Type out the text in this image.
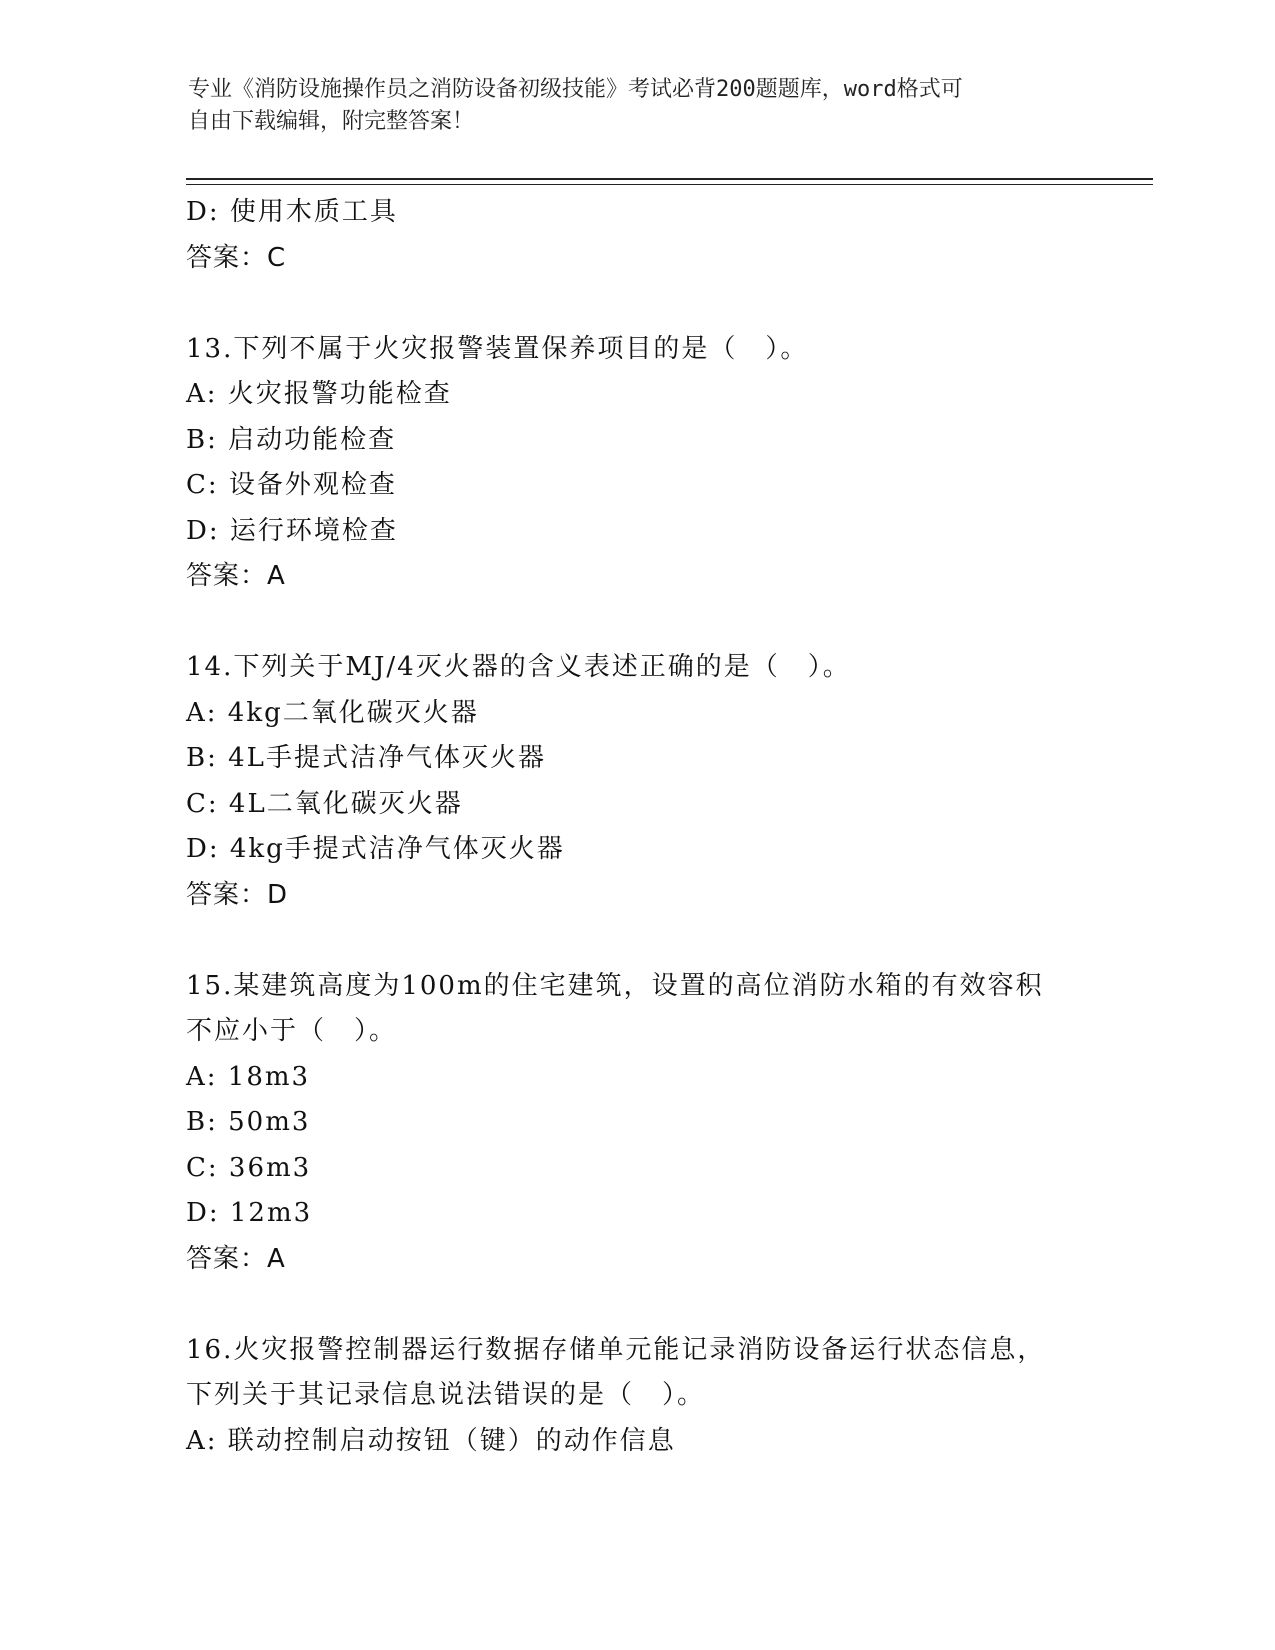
专业《消防设施操作员之消防设备初级技能》考试必背200题题库，word格式可
自由下载编辑，附完整答案！
D: 使用木质工具
答案：C
13.下列不属于火灾报警装置保养项目的是（　）。
A: 火灾报警功能检查
B: 启动功能检查
C: 设备外观检查
D: 运行环境检查
答案：A
14.下列关于MJ/4灭火器的含义表述正确的是（　）。
A: 4kg二氧化碳灭火器
B: 4L手提式洁净气体灭火器
C: 4L二氧化碳灭火器
D: 4kg手提式洁净气体灭火器
答案：D
15.某建筑高度为100m的住宅建筑，设置的高位消防水箱的有效容积
不应小于（　）。
A: 18m3
B: 50m3
C: 36m3
D: 12m3
答案：A
16.火灾报警控制器运行数据存储单元能记录消防设备运行状态信息，
下列关于其记录信息说法错误的是（　）。
A: 联动控制启动按钮（键）的动作信息
